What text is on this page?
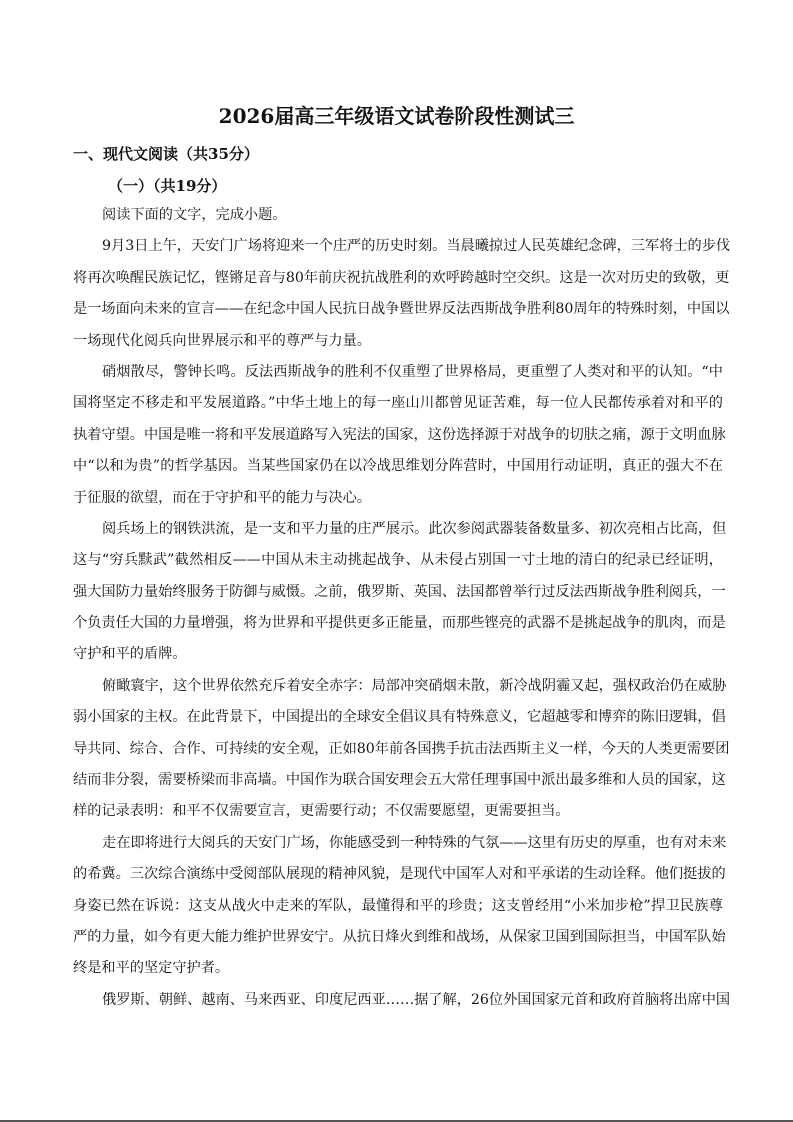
2026届高三年级语文试卷阶段性测试三
一、现代文阅读（共35分）
（一）（共19分）
阅读下面的文字，完成小题。
9月3日上午，天安门广场将迎来一个庄严的历史时刻。当晨曦掠过人民英雄纪念碑，三军将士的步伐
将再次唤醒民族记忆，铿锵足音与80年前庆祝抗战胜利的欢呼跨越时空交织。这是一次对历史的致敬，更
是一场面向未来的宣言——在纪念中国人民抗日战争暨世界反法西斯战争胜利80周年的特殊时刻，中国以
一场现代化阅兵向世界展示和平的尊严与力量。
硝烟散尽，警钟长鸣。反法西斯战争的胜利不仅重塑了世界格局，更重塑了人类对和平的认知。“中
国将坚定不移走和平发展道路。”中华土地上的每一座山川都曾见证苦难，每一位人民都传承着对和平的
执着守望。中国是唯一将和平发展道路写入宪法的国家，这份选择源于对战争的切肤之痛，源于文明血脉
中“以和为贵”的哲学基因。当某些国家仍在以冷战思维划分阵营时，中国用行动证明，真正的强大不在
于征服的欲望，而在于守护和平的能力与决心。
阅兵场上的钢铁洪流，是一支和平力量的庄严展示。此次参阅武器装备数量多、初次亮相占比高，但
这与“穷兵黩武”截然相反——中国从未主动挑起战争、从未侵占别国一寸土地的清白的纪录已经证明，
强大国防力量始终服务于防御与威慑。之前，俄罗斯、英国、法国都曾举行过反法西斯战争胜利阅兵，一
个负责任大国的力量增强，将为世界和平提供更多正能量，而那些铿亮的武器不是挑起战争的肌肉，而是
守护和平的盾牌。
俯瞰寰宇，这个世界依然充斥着安全赤字：局部冲突硝烟未散，新冷战阴霾又起，强权政治仍在威胁
弱小国家的主权。在此背景下，中国提出的全球安全倡议具有特殊意义，它超越零和博弈的陈旧逻辑，倡
导共同、综合、合作、可持续的安全观，正如80年前各国携手抗击法西斯主义一样，今天的人类更需要团
结而非分裂，需要桥梁而非高墙。中国作为联合国安理会五大常任理事国中派出最多维和人员的国家，这
样的记录表明：和平不仅需要宣言，更需要行动；不仅需要愿望，更需要担当。
走在即将进行大阅兵的天安门广场，你能感受到一种特殊的气氛——这里有历史的厚重，也有对未来
的希冀。三次综合演练中受阅部队展现的精神风貌，是现代中国军人对和平承诺的生动诠释。他们挺拔的
身姿已然在诉说：这支从战火中走来的军队，最懂得和平的珍贵；这支曾经用“小米加步枪”捍卫民族尊
严的力量，如今有更大能力维护世界安宁。从抗日烽火到维和战场，从保家卫国到国际担当，中国军队始
终是和平的坚定守护者。
俄罗斯、朝鲜、越南、马来西亚、印度尼西亚……据了解，26位外国国家元首和政府首脑将出席中国
